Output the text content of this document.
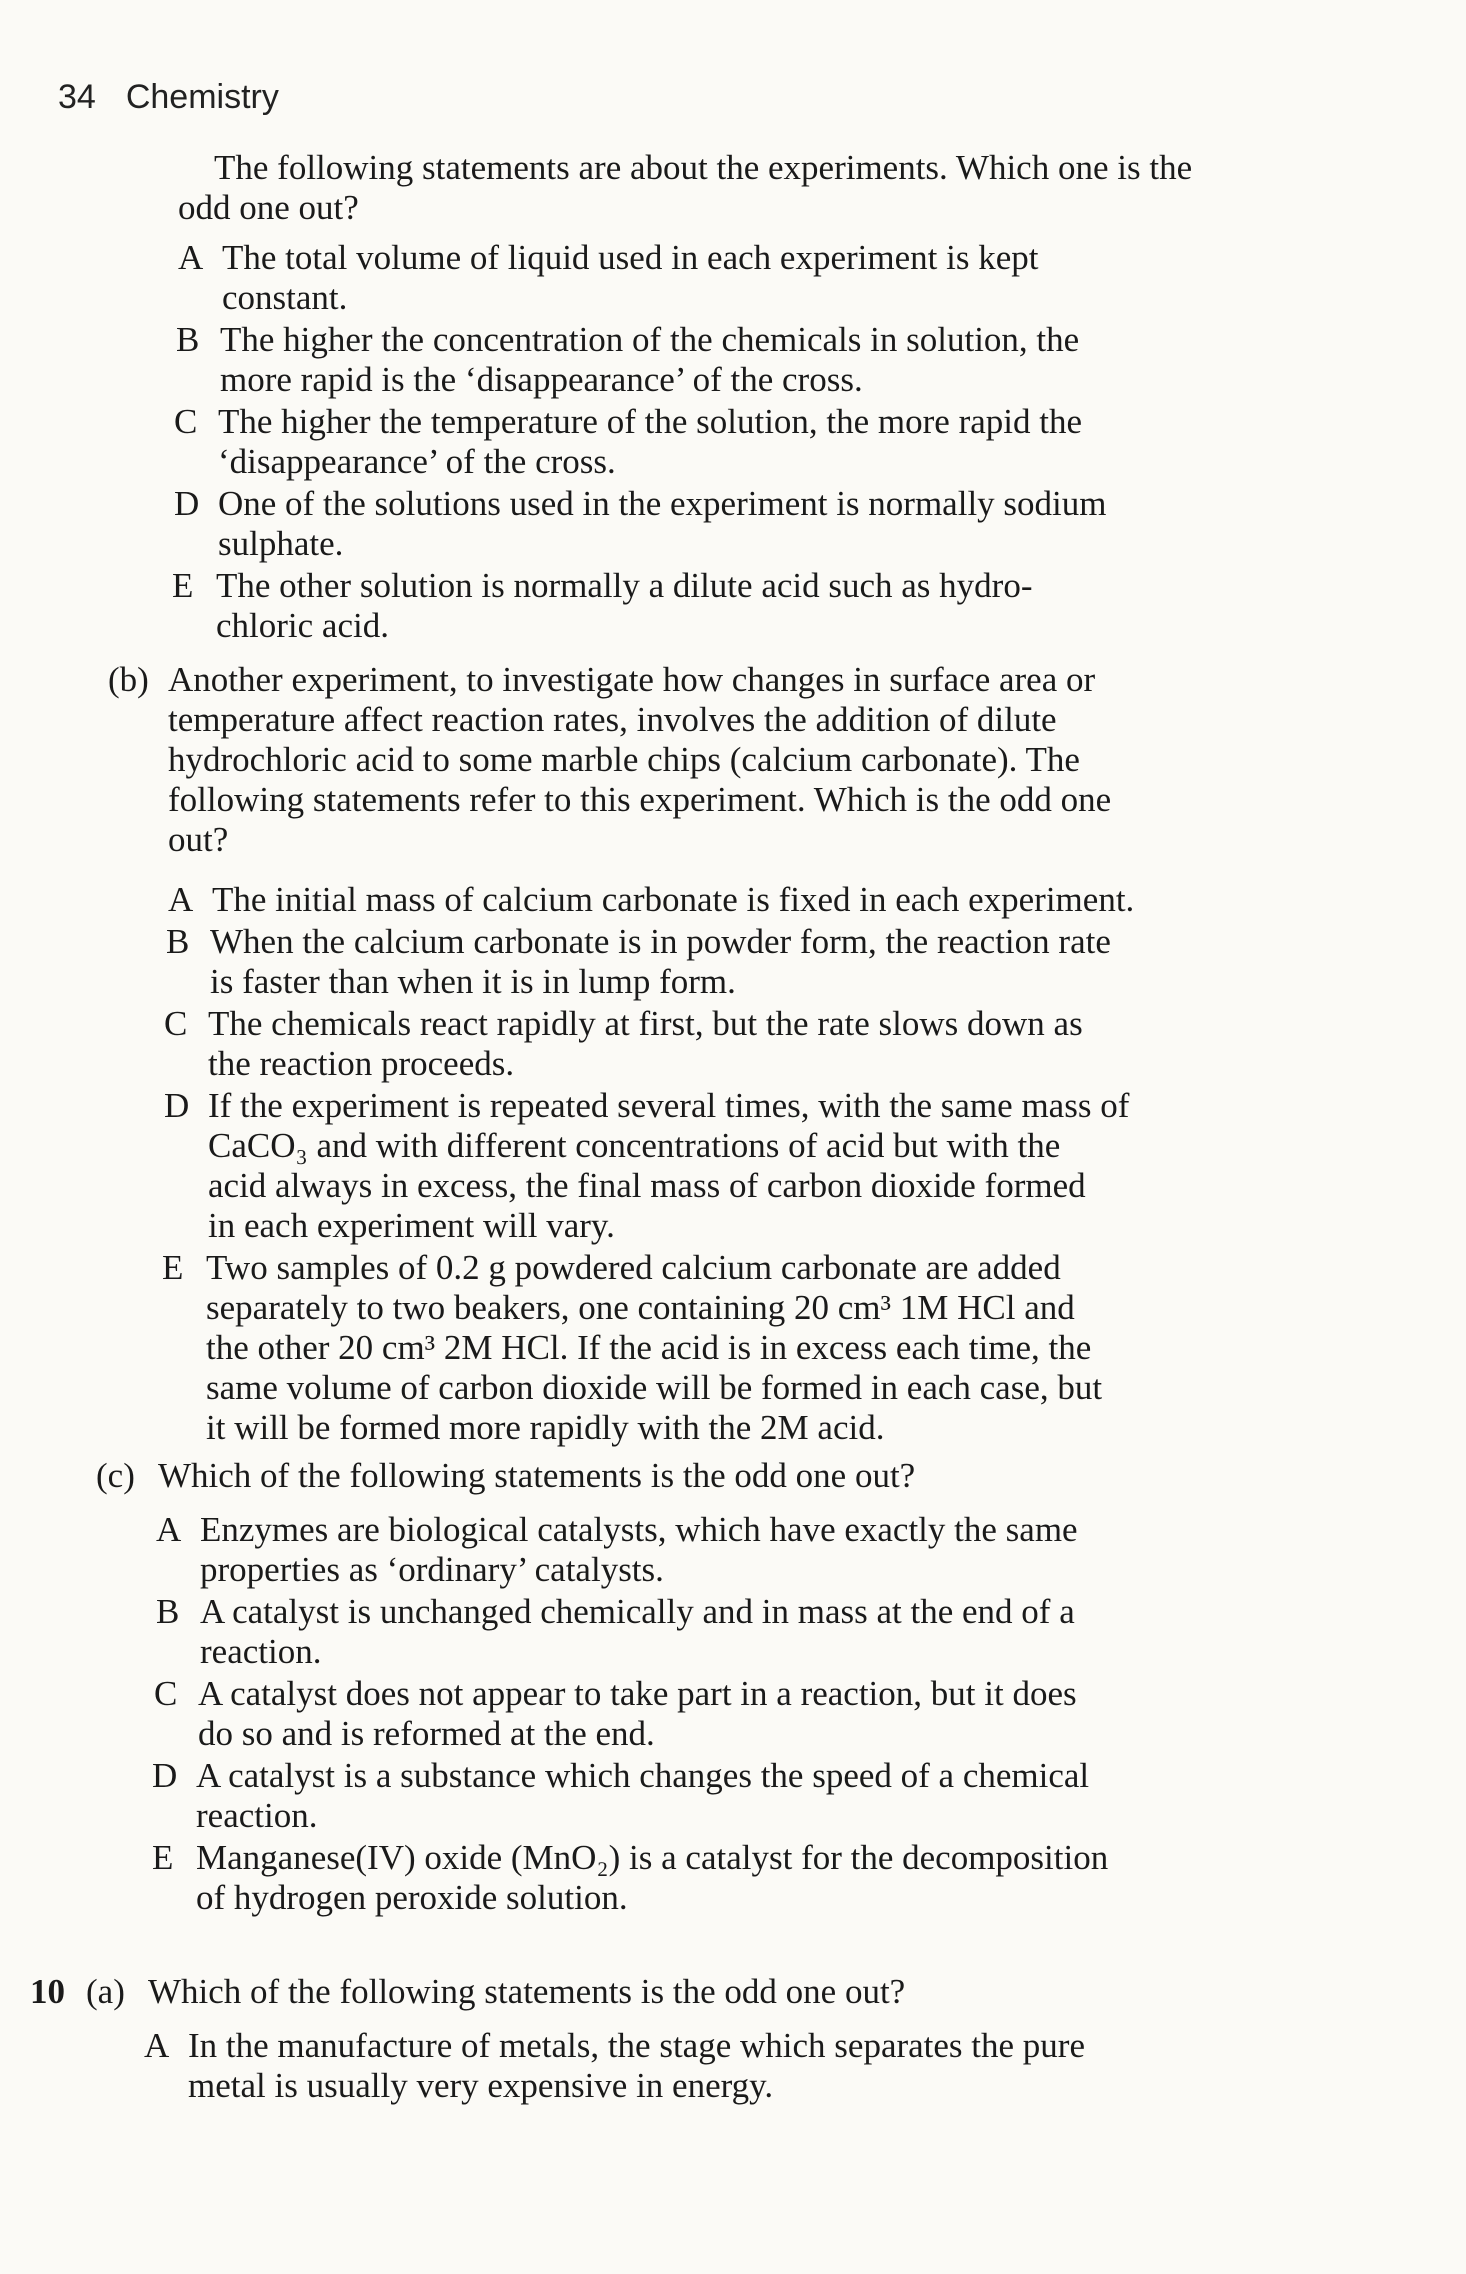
34 Chemistry

The following statements are about the experiments. Which one is the odd one out?

A The total volume of liquid used in each experiment is kept
constant.
B The higher the concentration of the chemicals in solution, the
more rapid is the ‘disappearance’ of the cross.
C The higher the temperature of the solution, the more rapid the
‘disappearance’ of the cross.
D One of the solutions used in the experiment is normally sodium
sulphate.
E The other solution is normally a dilute acid such as hydro-
chloric acid.
(b) Another experiment, to investigate how changes in surface area or
temperature affect reaction rates, involves the addition of dilute
hydrochloric acid to some marble chips (calcium carbonate). The
following statements refer to this experiment. Which is the odd one
out?
A The initial mass of calcium carbonate is fixed in each experiment.
B When the calcium carbonate is in powder form, the reaction rate
is faster than when it is in lump form.
C The chemicals react rapidly at first, but the rate slows down as
the reaction proceeds.
D If the experiment is repeated several times, with the same mass of
CaCO₃ and with different concentrations of acid but with the
acid always in excess, the final mass of carbon dioxide formed
in each experiment will vary.
E Two samples of 0.2 g powdered calcium carbonate are added
separately to two beakers, one containing 20 cm³ 1M HCl and
the other 20 cm³ 2M HCl. If the acid is in excess each time, the
same volume of carbon dioxide will be formed in each case, but
it will be formed more rapidly with the 2M acid.
(c) Which of the following statements is the odd one out?
A Enzymes are biological catalysts, which have exactly the same
properties as ‘ordinary’ catalysts.
B A catalyst is unchanged chemically and in mass at the end of a
reaction.
C A catalyst does not appear to take part in a reaction, but it does
do so and is reformed at the end.
D A catalyst is a substance which changes the speed of a chemical
reaction.
E Manganese(IV) oxide (MnO₂) is a catalyst for the decomposition
of hydrogen peroxide solution.
10 (a) Which of the following statements is the odd one out?
A In the manufacture of metals, the stage which separates the pure
metal is usually very expensive in energy.
